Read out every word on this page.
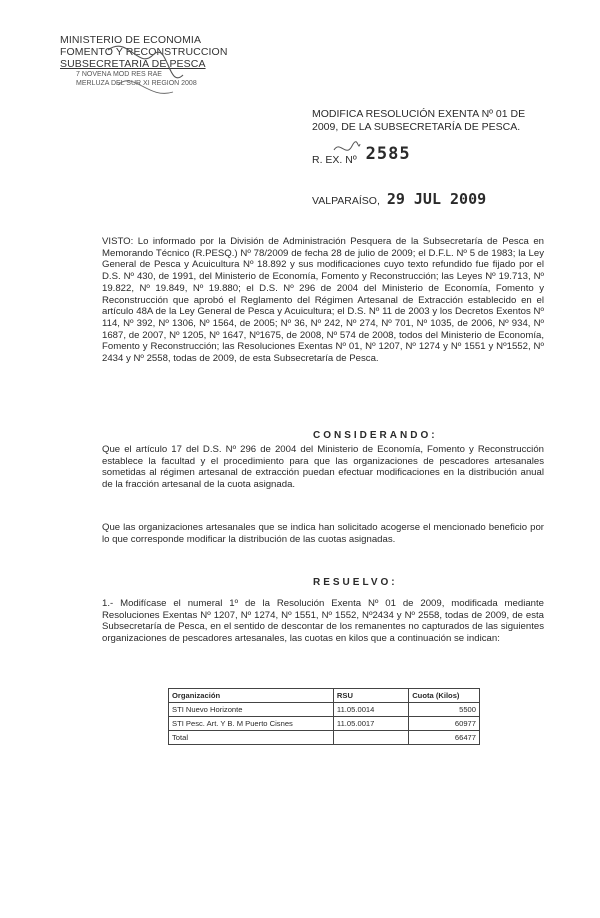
MINISTERIO DE ECONOMIA
FOMENTO Y RECONSTRUCCION
SUBSECRETARIA DE PESCA
7 NOVENA MOD RES RAE
MERLUZA DEL SUR XI REGION 2008
MODIFICA RESOLUCIÓN EXENTA Nº 01 DE 2009, DE LA SUBSECRETARÍA DE PESCA.
R. EX. Nº 2585
VALPARAÍSO, 29 JUL 2009
VISTO: Lo informado por la División de Administración Pesquera de la Subsecretaría de Pesca en Memorando Técnico (R.PESQ.) Nº 78/2009 de fecha 28 de julio de 2009; el D.F.L. Nº 5 de 1983; la Ley General de Pesca y Acuicultura Nº 18.892 y sus modificaciones cuyo texto refundido fue fijado por el D.S. Nº 430, de 1991, del Ministerio de Economía, Fomento y Reconstrucción; las Leyes Nº 19.713, Nº 19.822, Nº 19.849, Nº 19.880; el D.S. Nº 296 de 2004 del Ministerio de Economía, Fomento y Reconstrucción que aprobó el Reglamento del Régimen Artesanal de Extracción establecido en el artículo 48A de la Ley General de Pesca y Acuicultura; el D.S. Nº 11 de 2003 y los Decretos Exentos Nº 114, Nº 392, Nº 1306, Nº 1564, de 2005; Nº 36, Nº 242, Nº 274, Nº 701, Nº 1035, de 2006, Nº 934, Nº 1687, de 2007, Nº 1205, Nº 1647, Nº1675, de 2008, Nº 574 de 2008, todos del Ministerio de Economía, Fomento y Reconstrucción; las Resoluciones Exentas Nº 01, Nº 1207, Nº 1274 y Nº 1551 y Nº1552, Nº 2434 y Nº 2558, todas de 2009, de esta Subsecretaría de Pesca.
CONSIDERANDO:
Que el artículo 17 del D.S. Nº 296 de 2004 del Ministerio de Economía, Fomento y Reconstrucción establece la facultad y el procedimiento para que las organizaciones de pescadores artesanales sometidas al régimen artesanal de extracción puedan efectuar modificaciones en la distribución anual de la fracción artesanal de la cuota asignada.
Que las organizaciones artesanales que se indica han solicitado acogerse el mencionado beneficio por lo que corresponde modificar la distribución de las cuotas asignadas.
RESUELVO:
1.- Modifícase el numeral 1º de la Resolución Exenta Nº 01 de 2009, modificada mediante Resoluciones Exentas Nº 1207, Nº 1274, Nº 1551, Nº 1552, Nº2434 y Nº 2558, todas de 2009, de esta Subsecretaría de Pesca, en el sentido de descontar de los remanentes no capturados de las siguientes organizaciones de pescadores artesanales, las cuotas en kilos que a continuación se indican:
Organización	RSU	Cuota (Kilos)
STI Nuevo Horizonte	11.05.0014	5500
STI Pesc. Art. Y B. M Puerto Cisnes	11.05.0017	60977
Total		66477
